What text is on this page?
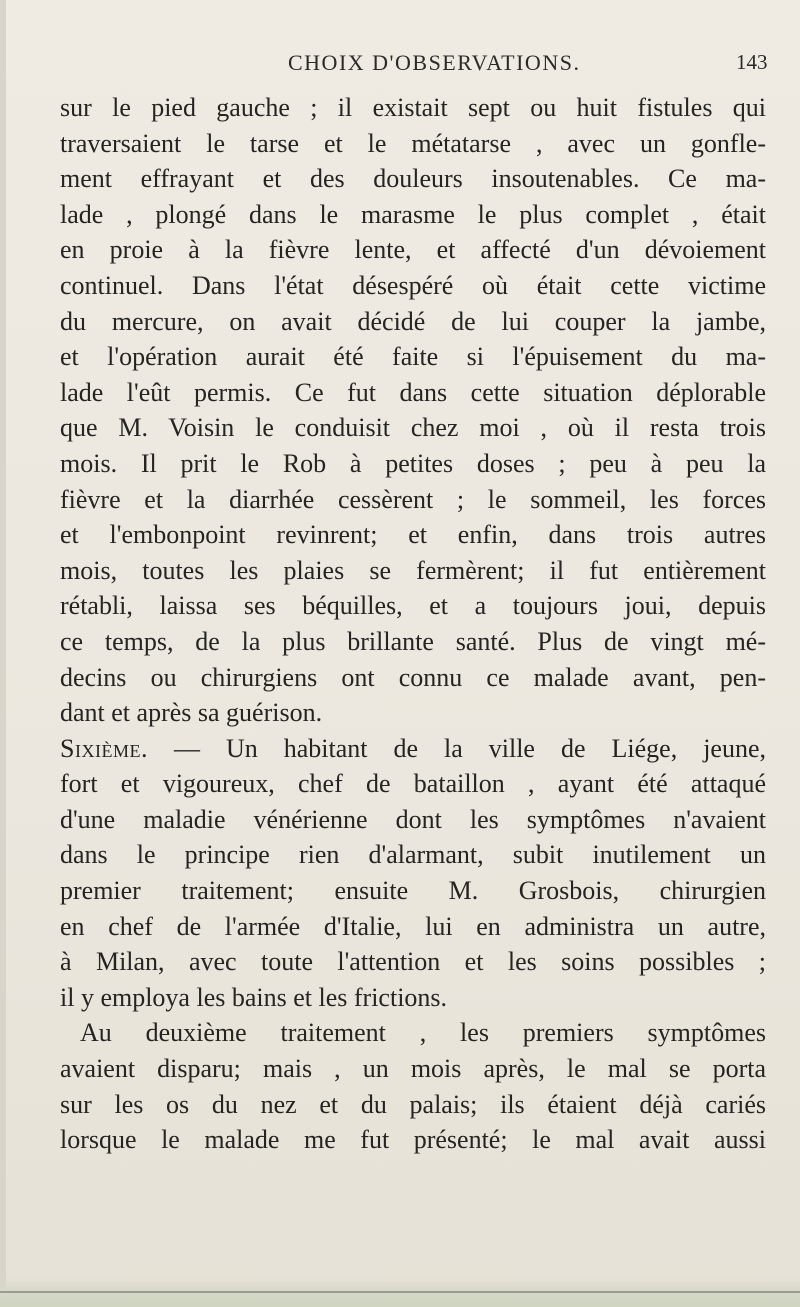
CHOIX D'OBSERVATIONS.	143
sur le pied gauche ; il existait sept ou huit fistules qui
traversaient le tarse et le métatarse , avec un gonfle-
ment effrayant et des douleurs insoutenables. Ce ma-
lade , plongé dans le marasme le plus complet , était
en proie à la fièvre lente, et affecté d'un dévoiement
continuel. Dans l'état désespéré où était cette victime
du mercure, on avait décidé de lui couper la jambe,
et l'opération aurait été faite si l'épuisement du ma-
lade l'eût permis. Ce fut dans cette situation déplorable
que M. Voisin le conduisit chez moi , où il resta trois
mois. Il prit le Rob à petites doses ; peu à peu la
fièvre et la diarrhée cessèrent ; le sommeil, les forces
et l'embonpoint revinrent; et enfin, dans trois autres
mois, toutes les plaies se fermèrent; il fut entièrement
rétabli, laissa ses béquilles, et a toujours joui, depuis
ce temps, de la plus brillante santé. Plus de vingt mé-
decins ou chirurgiens ont connu ce malade avant, pen-
dant et après sa guérison.
Sixième. — Un habitant de la ville de Liége, jeune,
fort et vigoureux, chef de bataillon , ayant été attaqué
d'une maladie vénérienne dont les symptômes n'avaient
dans le principe rien d'alarmant, subit inutilement un
premier traitement; ensuite M. Grosbois, chirurgien
en chef de l'armée d'Italie, lui en administra un autre,
à Milan, avec toute l'attention et les soins possibles ;
il y employa les bains et les frictions.
Au deuxième traitement , les premiers symptômes
avaient disparu; mais , un mois après, le mal se porta
sur les os du nez et du palais; ils étaient déjà cariés
lorsque le malade me fut présenté; le mal avait aussi
